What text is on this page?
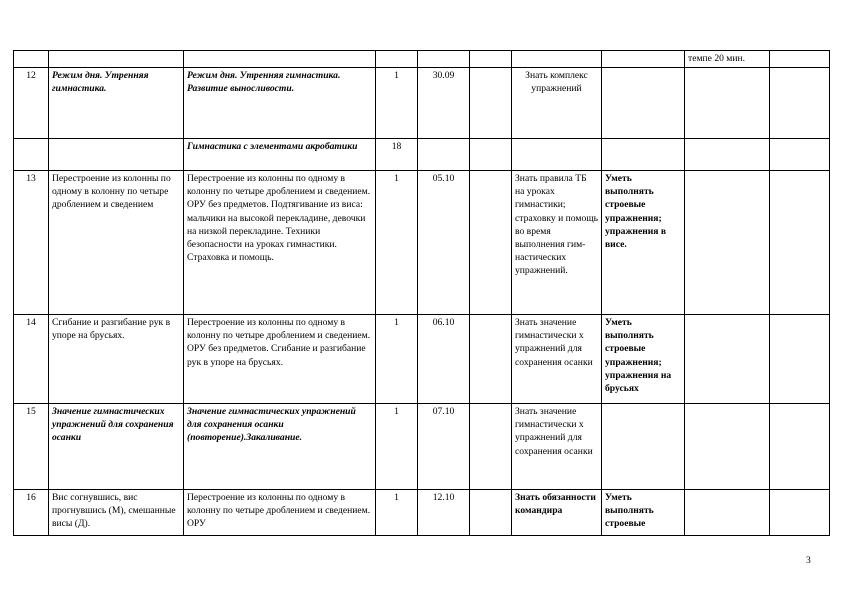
								темпе 20 мин.	
12	Режим дня. Утренняя гимнастика.	Режим дня. Утренняя гимнастика. Развитие выносливости.	1	30.09		Знать комплекс упражнений			
		Гимнастика с элементами акробатики	18						
13	Перестроение из колонны по одному в колонну по четыре дроблением и сведением	Перестроение из колонны по одному в колонну по четыре дроблением и сведением. ОРУ без предметов. Подтягивание из виса: мальчики на высокой перекладине, девочки на низкой перекладине. Техники безопасности на уроках гимнастики. Страховка и помощь.	1	05.10		Знать правила ТБ на уроках гимнастики; страховку и помощь во время выполнения гим- настических упражнений.	Уметь выполнять строевые упражнения; упражнения в висе.		
14	Сгибание и разгибание рук в упоре на брусьях.	Перестроение из колонны по одному в колонну по четыре дроблением и сведением. ОРУ без предметов. Сгибание и разгибание рук в упоре на брусьях.	1	06.10		Знать значение гимнастически х упражнений для сохранения осанки	Уметь выполнять строевые упражнения; упражнения на брусьях		
15	Значение гимнастических упражнений для сохранения осанки	Значение гимнастических упражнений для сохранения осанки (повторение).Закаливание.	1	07.10		Знать значение гимнастически х упражнений для сохранения осанки			
16	Вис согнувшись, вис прогнувшись (М), смешанные висы (Д).	Перестроение из колонны по одному в колонну по четыре дроблением и сведением. ОРУ	1	12.10		Знать обязанности командира	Уметь выполнять строевые		
3
